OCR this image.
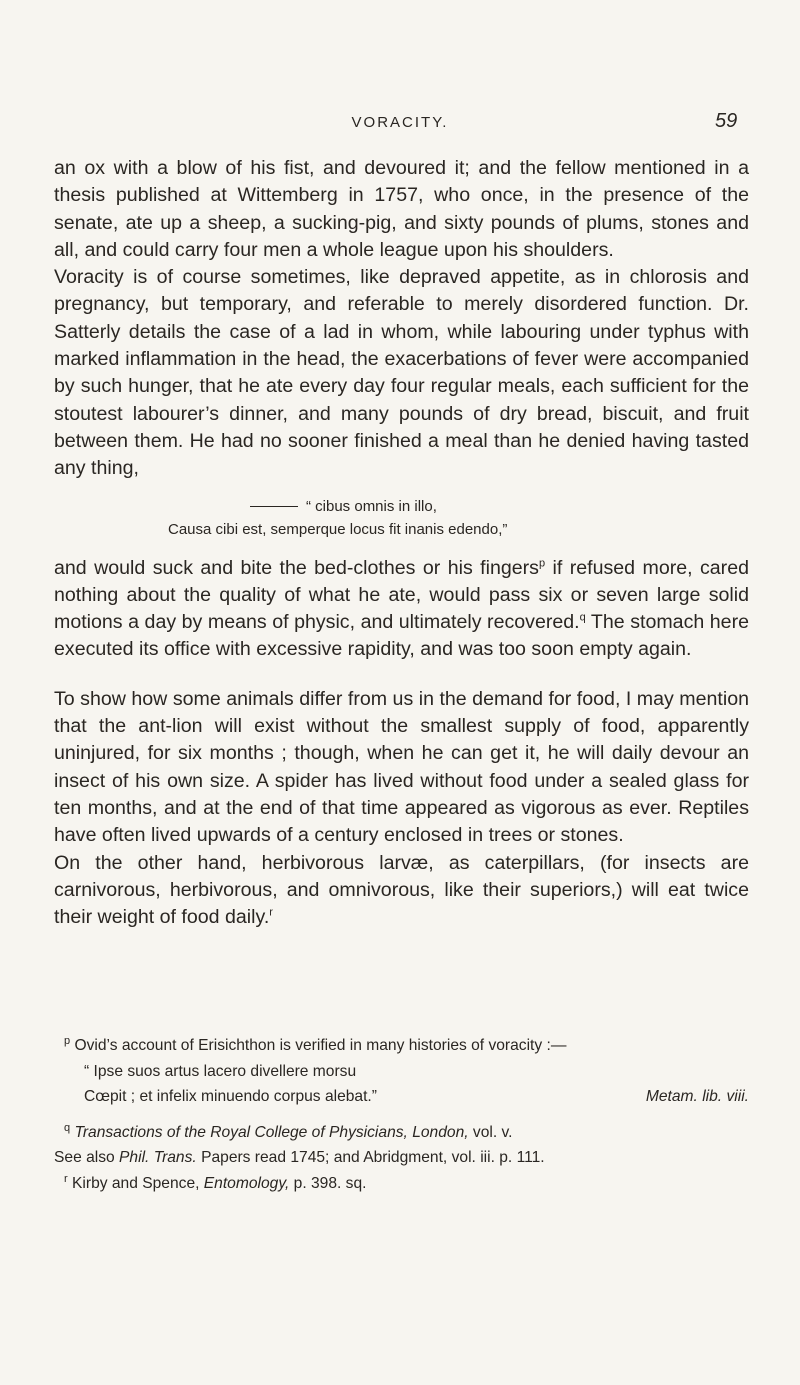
VORACITY.	59

an ox with a blow of his fist, and devoured it; and the fellow mentioned in a thesis published at Wittemberg in 1757, who once, in the presence of the senate, ate up a sheep, a sucking-pig, and sixty pounds of plums, stones and all, and could carry four men a whole league upon his shoulders.

Voracity is of course sometimes, like depraved appetite, as in chlorosis and pregnancy, but temporary, and referable to merely disordered function. Dr. Satterly details the case of a lad in whom, while labouring under typhus with marked inflammation in the head, the exacerbations of fever were accompanied by such hunger, that he ate every day four regular meals, each sufficient for the stoutest labourer’s dinner, and many pounds of dry bread, biscuit, and fruit between them. He had no sooner finished a meal than he denied having tasted any thing,

“ cibus omnis in illo,
Causa cibi est, semperque locus fit inanis edendo,”

and would suck and bite the bed-clothes or his fingers$^p$ if refused more, cared nothing about the quality of what he ate, would pass six or seven large solid motions a day by means of physic, and ultimately recovered.$^q$ The stomach here executed its office with excessive rapidity, and was too soon empty again.

To show how some animals differ from us in the demand for food, I may mention that the ant-lion will exist without the smallest supply of food, apparently uninjured, for six months ; though, when he can get it, he will daily devour an insect of his own size. A spider has lived without food under a sealed glass for ten months, and at the end of that time appeared as vigorous as ever. Reptiles have often lived upwards of a century enclosed in trees or stones.

On the other hand, herbivorous larvæ, as caterpillars, (for insects are carnivorous, herbivorous, and omnivorous, like their superiors,) will eat twice their weight of food daily.$^r$

$^p$ Ovid’s account of Erisichthon is verified in many histories of voracity :—

“ Ipse suos artus lacero divellere morsu

Cœpit ; et infelix minuendo corpus alebat.”	Metam. lib. viii.

$^q$ Transactions of the Royal College of Physicians, London, vol. v.

See also Phil. Trans. Papers read 1745; and Abridgment, vol. iii. p. 111.

$^r$ Kirby and Spence, Entomology, p. 398. sq.
